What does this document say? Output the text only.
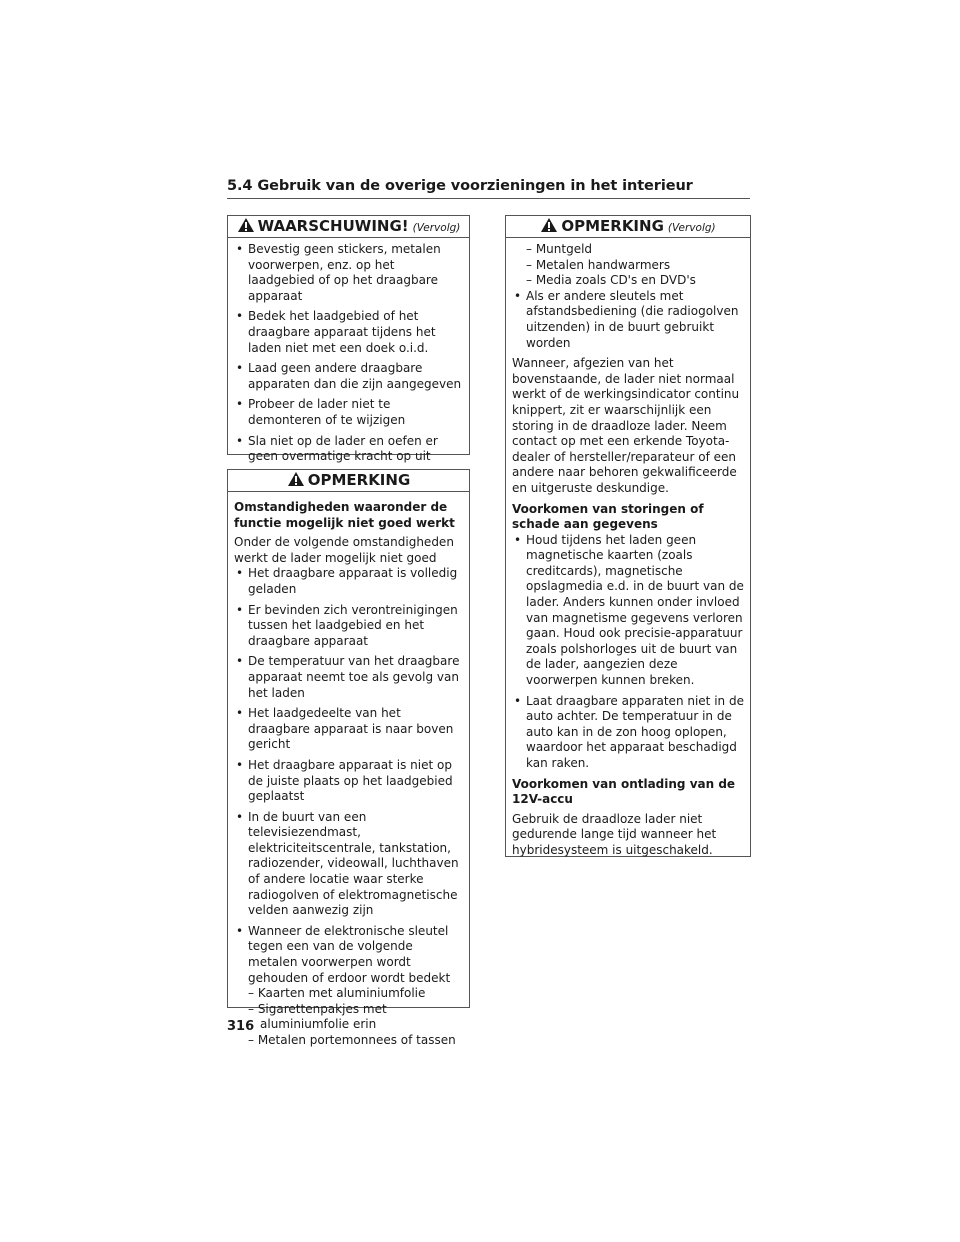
5.4 Gebruik van de overige voorzieningen in het interieur
WAARSCHUWING! (Vervolg)

• Bevestig geen stickers, metalen voorwerpen, enz. op het laadgebied of op het draagbare apparaat

• Bedek het laadgebied of het draagbare apparaat tijdens het laden niet met een doek o.i.d.

• Laad geen andere draagbare apparaten dan die zijn aangegeven

• Probeer de lader niet te demonteren of te wijzigen

• Sla niet op de lader en oefen er geen overmatige kracht op uit

OPMERKING

Omstandigheden waaronder de functie mogelijk niet goed werkt

Onder de volgende omstandigheden werkt de lader mogelijk niet goed

• Het draagbare apparaat is volledig geladen

• Er bevinden zich verontreinigingen tussen het laadgebied en het draagbare apparaat

• De temperatuur van het draagbare apparaat neemt toe als gevolg van het laden

• Het laadgedeelte van het draagbare apparaat is naar boven gericht

• Het draagbare apparaat is niet op de juiste plaats op het laadgebied geplaatst

• In de buurt van een televisiezendmast, elektriciteitscentrale, tankstation, radiozender, videowall, luchthaven of andere locatie waar sterke radiogolven of elektromagnetische velden aanwezig zijn

• Wanneer de elektronische sleutel tegen een van de volgende metalen voorwerpen wordt gehouden of erdoor wordt bedekt

– Kaarten met aluminiumfolie

– Sigarettenpakjes met aluminiumfolie erin

– Metalen portemonnees of tassen

OPMERKING (Vervolg)

– Muntgeld

– Metalen handwarmers

– Media zoals CD's en DVD's

• Als er andere sleutels met afstandsbediening (die radiogolven uitzenden) in de buurt gebruikt worden

Wanneer, afgezien van het bovenstaande, de lader niet normaal werkt of de werkingsindicator continu knippert, zit er waarschijnlijk een storing in de draadloze lader. Neem contact op met een erkende Toyota-dealer of hersteller/reparateur of een andere naar behoren gekwalificeerde en uitgeruste deskundige.

Voorkomen van storingen of schade aan gegevens

• Houd tijdens het laden geen magnetische kaarten (zoals creditcards), magnetische opslagmedia e.d. in de buurt van de lader. Anders kunnen onder invloed van magnetisme gegevens verloren gaan. Houd ook precisie-apparatuur zoals polshorloges uit de buurt van de lader, aangezien deze voorwerpen kunnen breken.

• Laat draagbare apparaten niet in de auto achter. De temperatuur in de auto kan in de zon hoog oplopen, waardoor het apparaat beschadigd kan raken.

Voorkomen van ontlading van de 12V-accu

Gebruik de draadloze lader niet gedurende lange tijd wanneer het hybridesysteem is uitgeschakeld.

316
